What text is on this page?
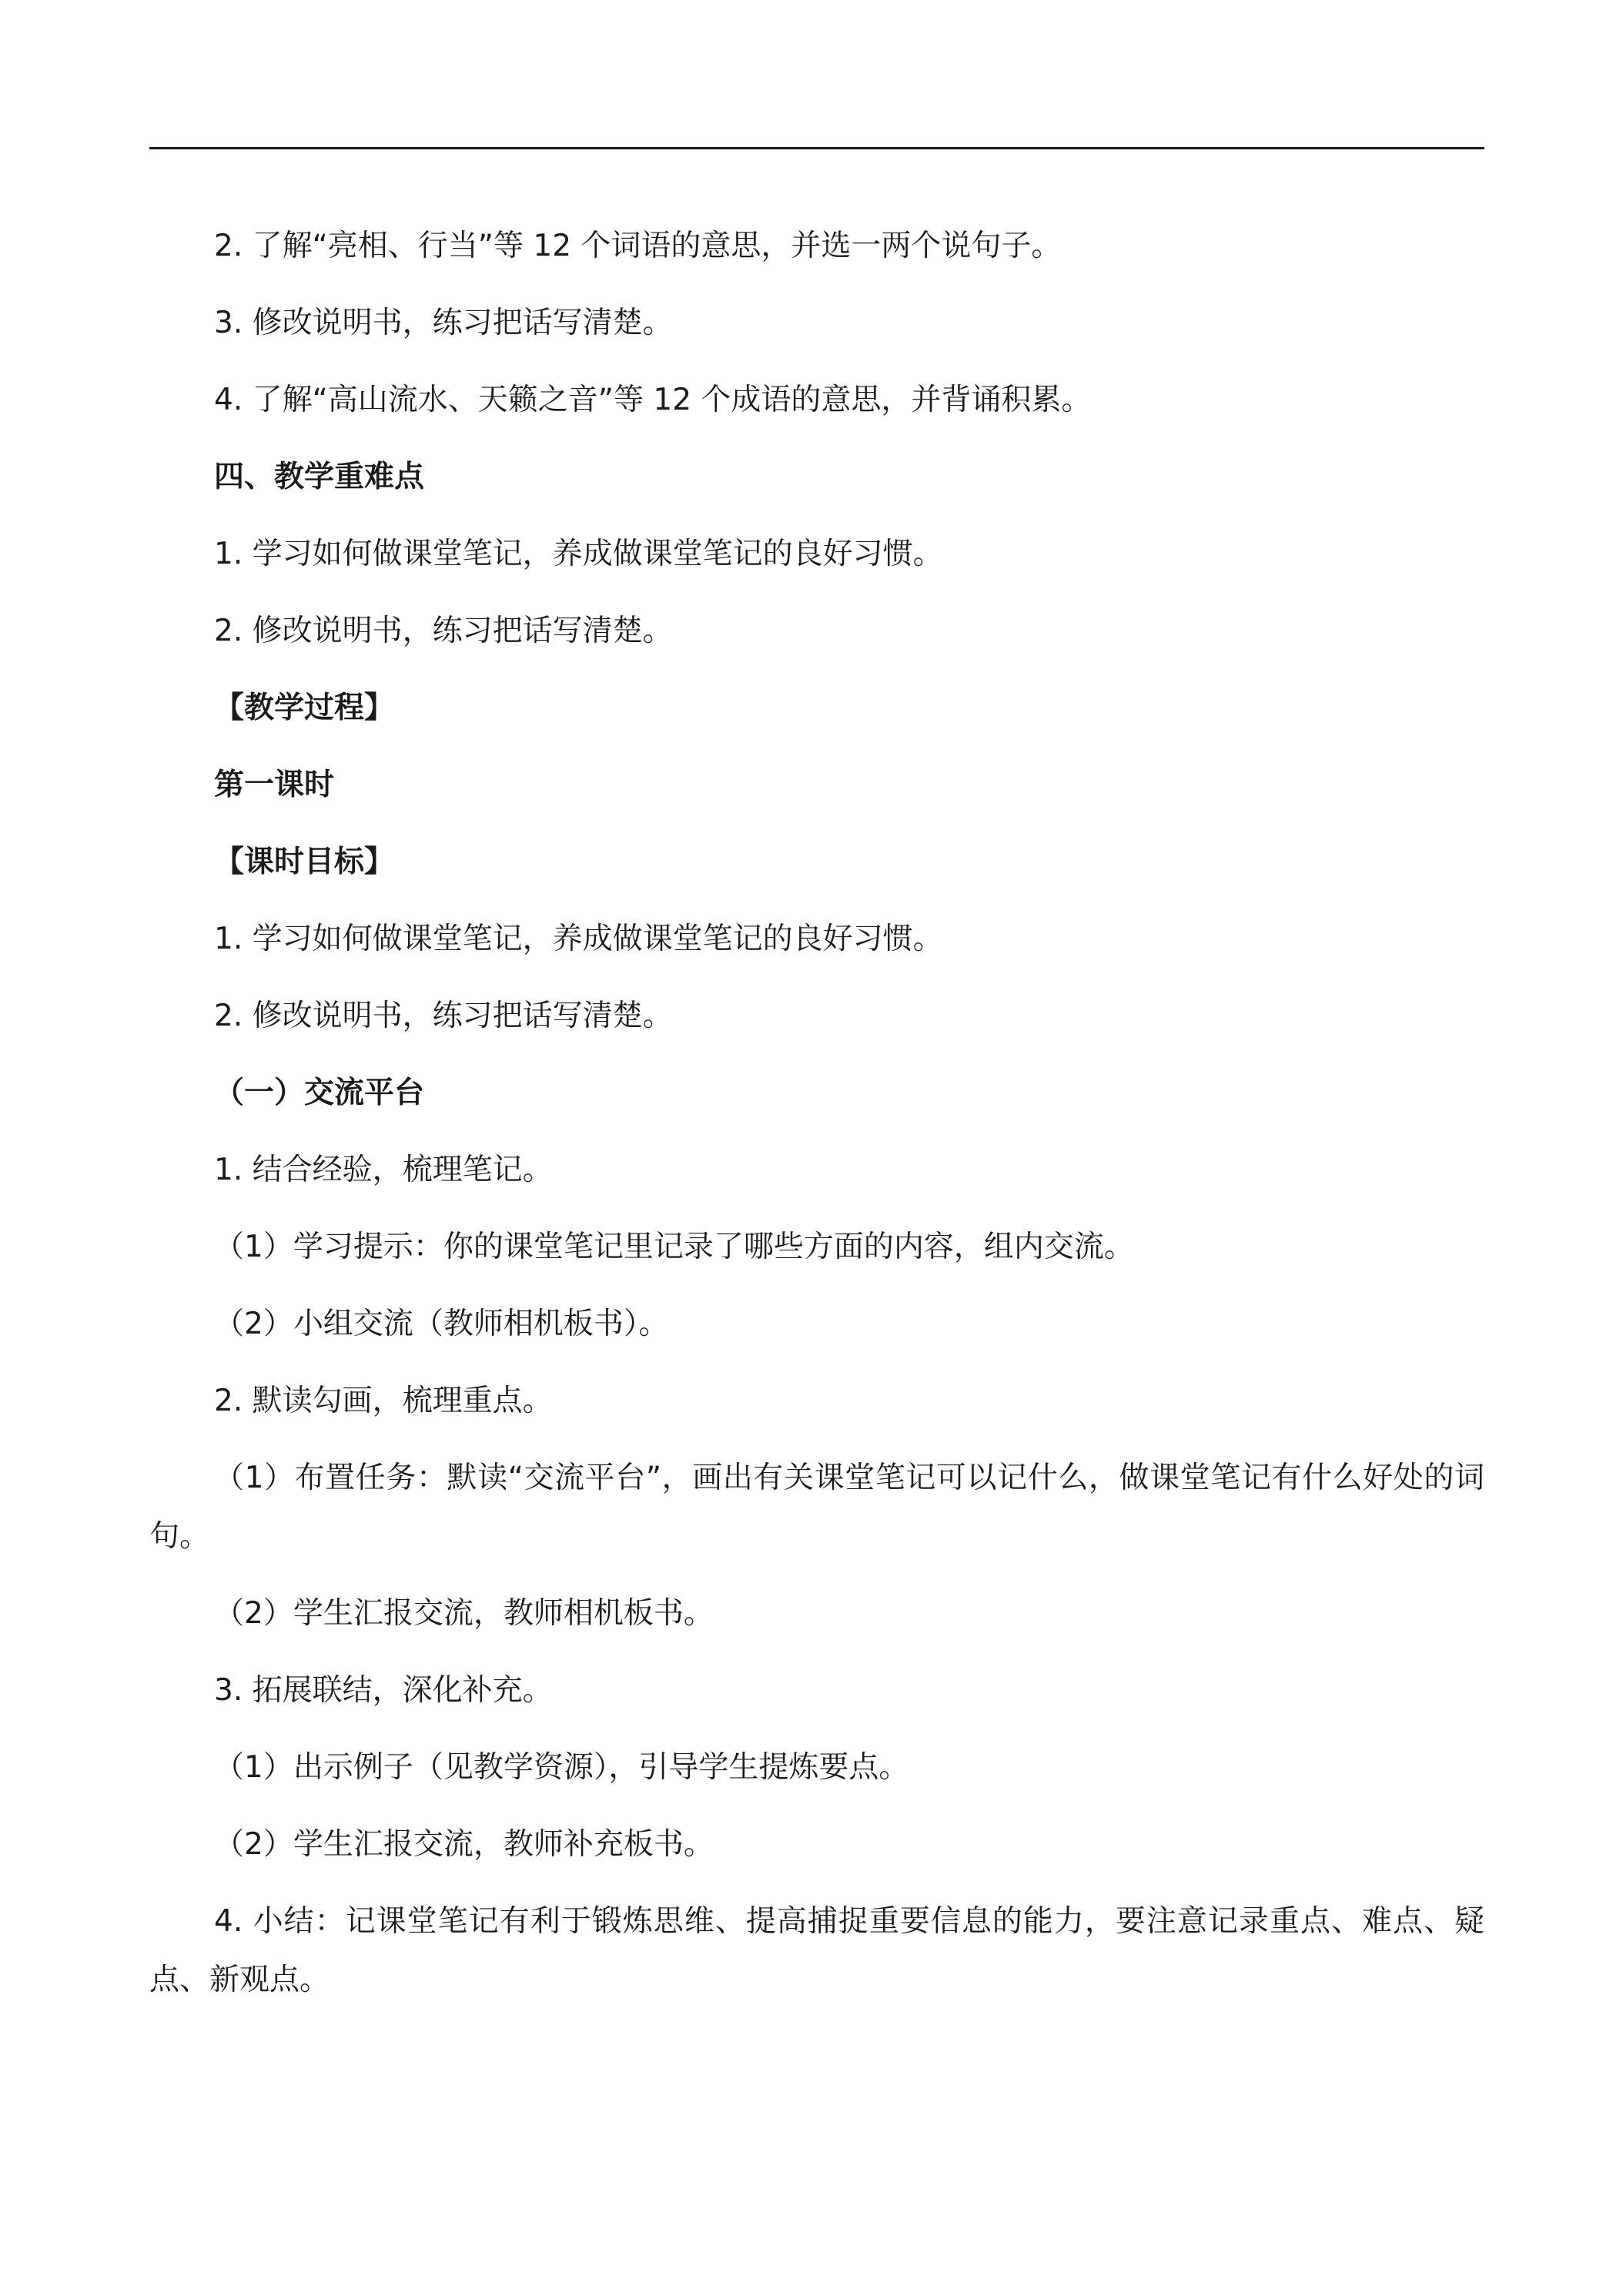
2. 了解“亮相、行当”等 12 个词语的意思，并选一两个说句子。
3. 修改说明书，练习把话写清楚。
4. 了解“高山流水、天籁之音”等 12 个成语的意思，并背诵积累。
四、教学重难点
1. 学习如何做课堂笔记，养成做课堂笔记的良好习惯。
2. 修改说明书，练习把话写清楚。
【教学过程】
第一课时
【课时目标】
1. 学习如何做课堂笔记，养成做课堂笔记的良好习惯。
2. 修改说明书，练习把话写清楚。
（一）交流平台
1. 结合经验，梳理笔记。
（1）学习提示：你的课堂笔记里记录了哪些方面的内容，组内交流。
（2）小组交流（教师相机板书）。
2. 默读勾画，梳理重点。
（1）布置任务：默读“交流平台”，画出有关课堂笔记可以记什么，做课堂笔记有什么好处的词句。
（2）学生汇报交流，教师相机板书。
3. 拓展联结，深化补充。
（1）出示例子（见教学资源），引导学生提炼要点。
（2）学生汇报交流，教师补充板书。
4. 小结：记课堂笔记有利于锻炼思维、提高捕捉重要信息的能力，要注意记录重点、难点、疑点、新观点。
